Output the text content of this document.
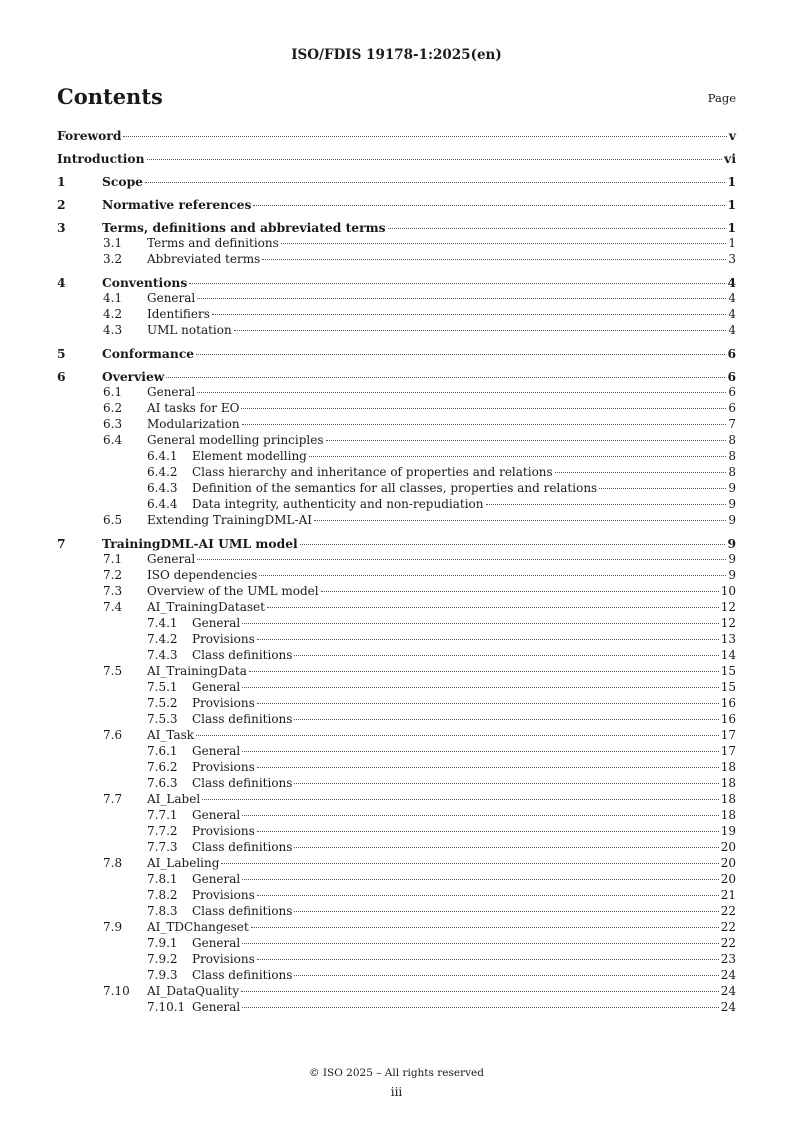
ISO/FDIS 19178-1:2025(en)
Contents	Page
Foreword	v
Introduction	vi
1	Scope	1
2	Normative references	1
3	Terms, definitions and abbreviated terms	1
3.1	Terms and definitions	1
3.2	Abbreviated terms	3
4	Conventions	4
4.1	General	4
4.2	Identifiers	4
4.3	UML notation	4
5	Conformance	6
6	Overview	6
6.1	General	6
6.2	AI tasks for EO	6
6.3	Modularization	7
6.4	General modelling principles	8
6.4.1	Element modelling	8
6.4.2	Class hierarchy and inheritance of properties and relations	8
6.4.3	Definition of the semantics for all classes, properties and relations	9
6.4.4	Data integrity, authenticity and non-repudiation	9
6.5	Extending TrainingDML-AI	9
7	TrainingDML-AI UML model	9
7.1	General	9
7.2	ISO dependencies	9
7.3	Overview of the UML model	10
7.4	AI_TrainingDataset	12
7.4.1	General	12
7.4.2	Provisions	13
7.4.3	Class definitions	14
7.5	AI_TrainingData	15
7.5.1	General	15
7.5.2	Provisions	16
7.5.3	Class definitions	16
7.6	AI_Task	17
7.6.1	General	17
7.6.2	Provisions	18
7.6.3	Class definitions	18
7.7	AI_Label	18
7.7.1	General	18
7.7.2	Provisions	19
7.7.3	Class definitions	20
7.8	AI_Labeling	20
7.8.1	General	20
7.8.2	Provisions	21
7.8.3	Class definitions	22
7.9	AI_TDChangeset	22
7.9.1	General	22
7.9.2	Provisions	23
7.9.3	Class definitions	24
7.10	AI_DataQuality	24
7.10.1 General	24
© ISO 2025 – All rights reserved
iii
